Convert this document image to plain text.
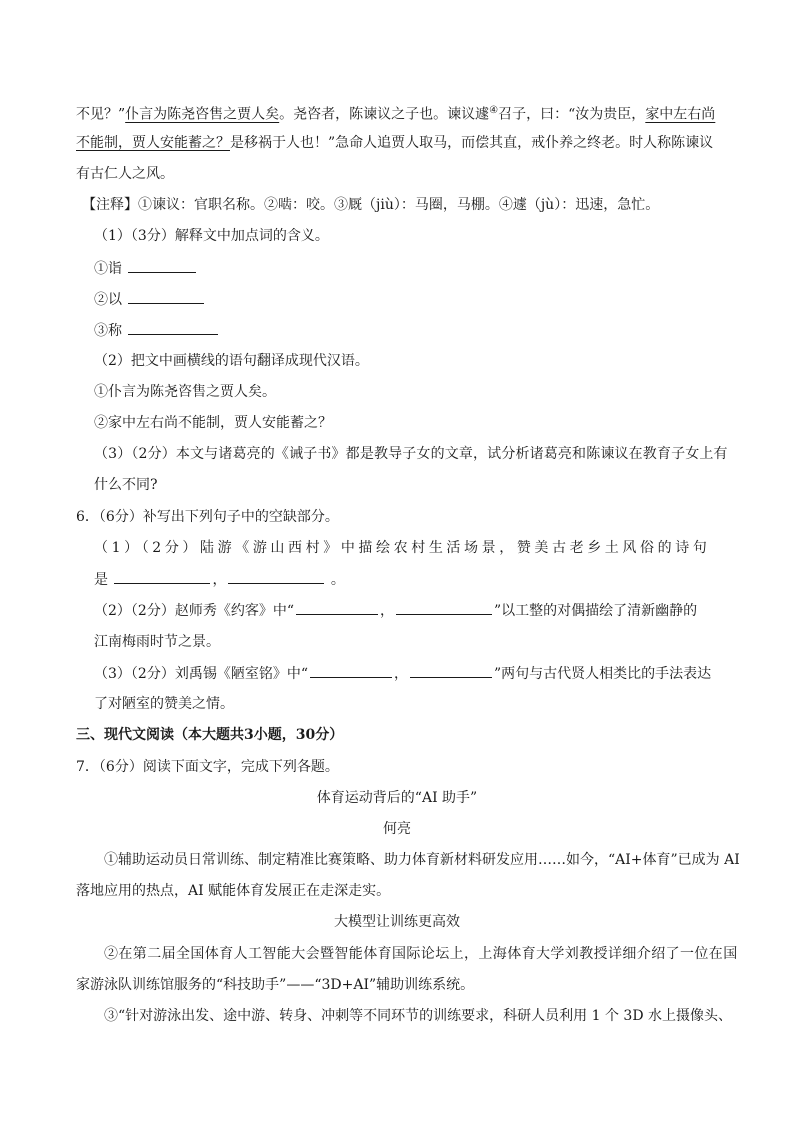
不见？”仆言为陈尧咨售之贾人矣。尧咨者，陈谏议之子也。谏议遽④召子，曰：“汝为贵臣，家中左右尚
不能制，贾人安能蓄之？是移祸于人也！”急命人追贾人取马，而偿其直，戒仆养之终老。时人称陈谏议
有古仁人之风。
【注释】①谏议：官职名称。②啮：咬。③厩（jiù）：马圈，马棚。④遽（jù）：迅速，急忙。
（1）（3分）解释文中加点词的含义。
①诣
②以
③称
（2）把文中画横线的语句翻译成现代汉语。
①仆言为陈尧咨售之贾人矣。
②家中左右尚不能制，贾人安能蓄之？
（3）（2分）本文与诸葛亮的《诫子书》都是教导子女的文章，试分析诸葛亮和陈谏议在教育子女上有
什么不同?
6．（6分）补写出下列句子中的空缺部分。
（1）（2分）陆游《游山西村》中描绘农村生活场景，赞美古老乡土风俗的诗句
是	，	。
（2）（2分）赵师秀《约客》中“	，	”以工整的对偶描绘了清新幽静的
江南梅雨时节之景。
（3）（2分）刘禹锡《陋室铭》中“	，	”两句与古代贤人相类比的手法表达
了对陋室的赞美之情。
三、现代文阅读（本大题共3小题，30分）
7．（6分）阅读下面文字，完成下列各题。
体育运动背后的“AI 助手”
何亮
①辅助运动员日常训练、制定精准比赛策略、助力体育新材料研发应用……如今，“AI+体育”已成为 AI
落地应用的热点，AI 赋能体育发展正在走深走实。
大模型让训练更高效
②在第二届全国体育人工智能大会暨智能体育国际论坛上，上海体育大学刘教授详细介绍了一位在国
家游泳队训练馆服务的“科技助手”——“3D+AI”辅助训练系统。
③“针对游泳出发、途中游、转身、冲刺等不同环节的训练要求，科研人员利用 1 个 3D 水上摄像头、
